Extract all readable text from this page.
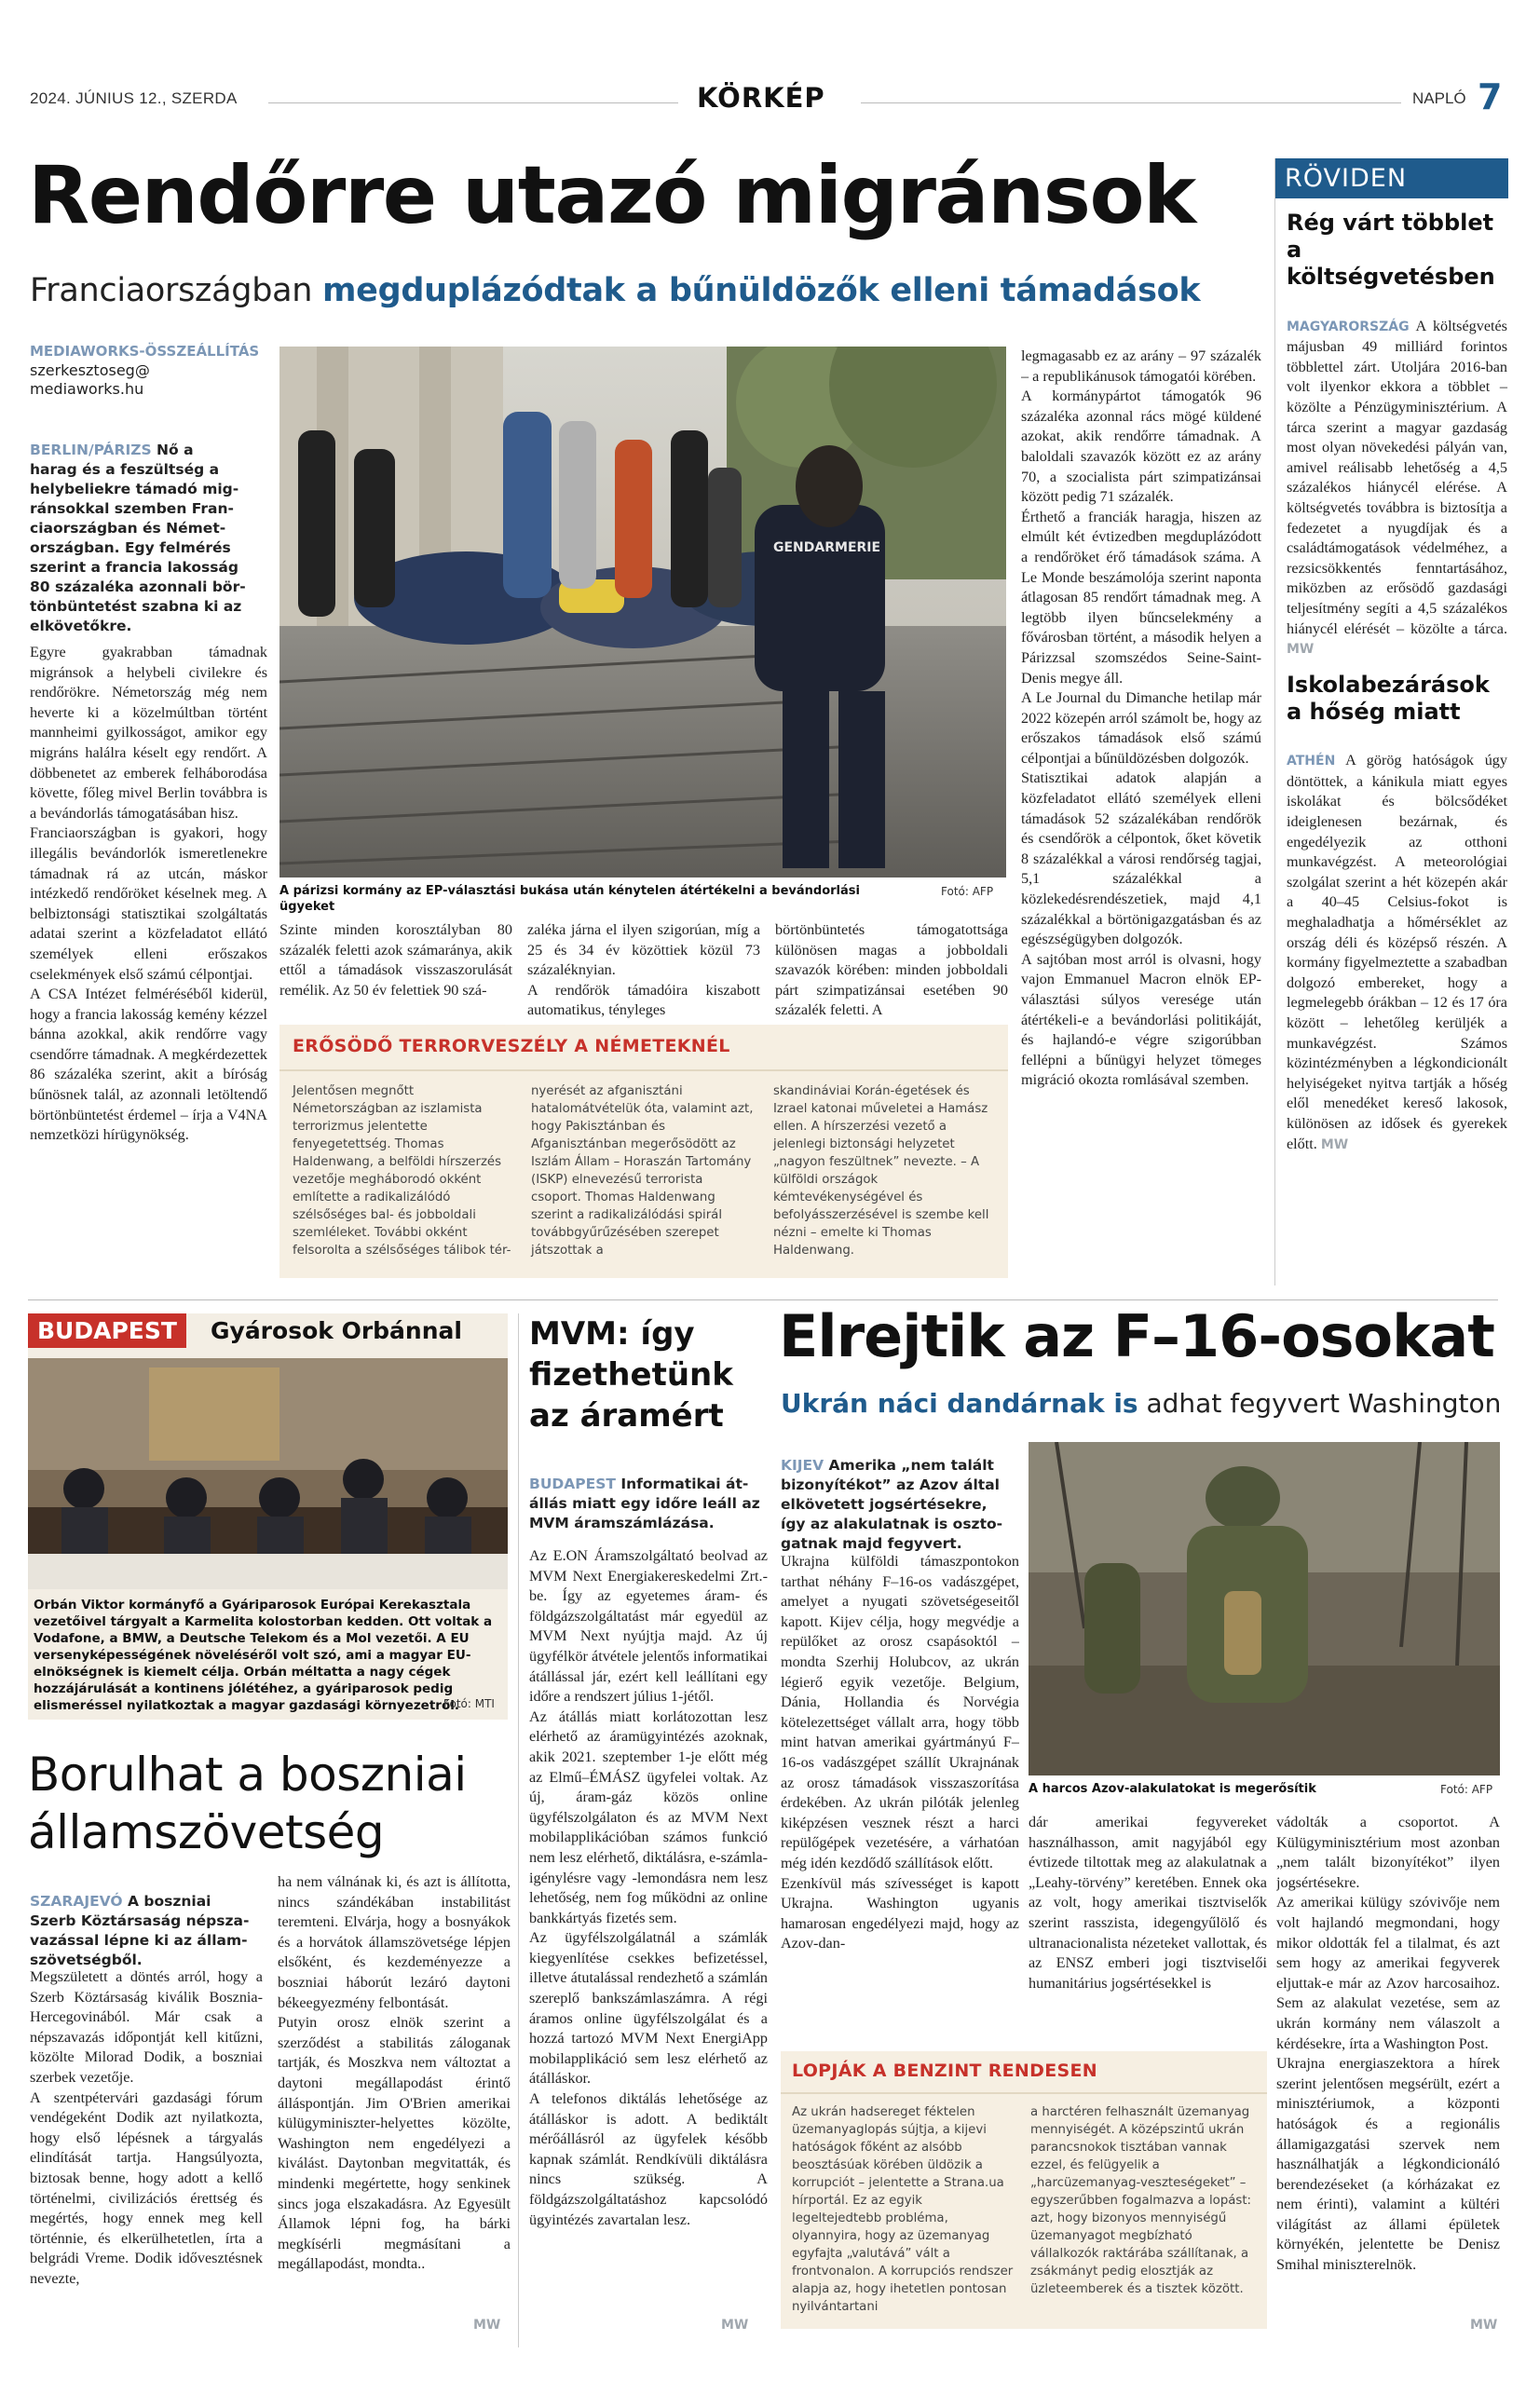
2024. JÚNIUS 12., SZERDA	KÖRKÉP	NAPLÓ 7
Rendőrre utazó migránsok
Franciaországban megduplázódtak a bűnüldözők elleni támadások
MEDIAWORKS-ÖSSZEÁLLÍTÁS
szerkesztoseg@
mediaworks.hu

BERLIN/PÁRIZS Nő a
harag és a feszültség a
helybeliekre támadó mig-
ránsokkal szemben Fran-
ciaországban és Német-
országban. Egy felmérés
szerint a francia lakosság
80 százaléka azonnali bör-
tönbüntetést szabna ki az
elkövetőkre.

GENDARMERIE
A párizsi kormány az EP-választási bukása után kénytelen átértékelni a bevándorlási ügyeket
Fotó: AFP
Egyre gyakrabban támadnak migránsok a helybeli civilekre és rendőrökre. Németország még nem heverte ki a közelmúltban történt mannheimi gyilkosságot, amikor egy migráns halálra késelt egy rendőrt. A döbbenetet az emberek felháborodása követte, főleg mivel Berlin továbbra is a bevándorlás támogatásában hisz.
Franciaországban is gyakori, hogy illegális bevándorlók ismeretlenekre támadnak rá az utcán, máskor intézkedő rendőröket késelnek meg. A belbiztonsági statisztikai szolgáltatás adatai szerint a közfeladatot ellátó személyek elleni erőszakos cselekmények első számú célpontjai.
A CSA Intézet felméréséből kiderül, hogy a francia lakosság kemény kézzel bánna azokkal, akik rendőrre vagy csendőrre támadnak. A megkérdezettek 86 százaléka szerint, akit a bíróság bűnösnek talál, az azonnali letöltendő börtönbüntetést érdemel – írja a V4NA nemzetközi hírügynökség.
Szinte minden korosztályban 80 százalék feletti azok számaránya, akik ettől a támadások visszaszorulását remélik. Az 50 év felettiek 90 szá-
zaléka járna el ilyen szigorúan, míg a 25 és 34 év közöttiek közül 73 százaléknyian.
A rendőrök támadóira kiszabott automatikus, tényleges
börtönbüntetés támogatottsága különösen magas a jobboldali szavazók körében: minden jobboldali párt szimpatizánsai esetében 90 százalék feletti. A
legmagasabb ez az arány – 97 százalék – a republikánusok támogatói körében.
A kormánypártot támogatók 96 százaléka azonnal rács mögé küldené azokat, akik rendőrre támadnak. A baloldali szavazók között ez az arány 70, a szocialista párt szimpatizánsai között pedig 71 százalék.
Érthető a franciák haragja, hiszen az elmúlt két évtizedben megduplázódott a rendőröket érő támadások száma. A Le Monde beszámolója szerint naponta átlagosan 85 rendőrt támadnak meg. A legtöbb ilyen bűncselekmény a fővárosban történt, a második helyen a Párizzsal szomszédos Seine-Saint-Denis megye áll.
A Le Journal du Dimanche hetilap már 2022 közepén arról számolt be, hogy az erőszakos támadások első számú célpontjai a bűnüldözésben dolgozók.
Statisztikai adatok alapján a közfeladatot ellátó személyek elleni támadások 52 százalékában rendőrök és csendőrök a célpontok, őket követik 8 százalékkal a városi rendőrség tagjai, 5,1 százalékkal a közlekedésrendészetiek, majd 4,1 százalékkal a börtönigazgatásban és az egészségügyben dolgozók.
A sajtóban most arról is olvasni, hogy vajon Emmanuel Macron elnök EP-választási súlyos veresége után átértékeli-e a bevándorlási politikáját, és hajlandó-e végre szigorúbban fellépni a bűnügyi helyzet tömeges migráció okozta romlásával szemben.
ERŐSÖDŐ TERRORVESZÉLY A NÉMETEKNÉL
Jelentősen megnőtt Németországban az iszlamista terrorizmus jelentette fenyegetettség. Thomas Haldenwang, a belföldi hírszerzés vezetője megháborodó okként említette a radikalizálódó szélsőséges bal- és jobboldali szemléleket. További okként felsorolta a szélsőséges tálibok tér-
nyerését az afganisztáni hatalomátvételük óta, valamint azt, hogy Pakisztánban és Afganisztánban megerősödött az Iszlám Állam – Horaszán Tartomány (ISKP) elnevezésű terrorista csoport. Thomas Haldenwang szerint a radikalizálódási spirál továbbgyűrűzésében szerepet játszottak a
skandináviai Korán-égetések és Izrael katonai műveletei a Hamász ellen. A hírszerzési vezető a jelenlegi biztonsági helyzetet „nagyon feszültnek” nevezte. – A külföldi országok kémtevékenységével és befolyásszerzésével is szembe kell nézni – emelte ki Thomas Haldenwang.
RÖVIDEN
Rég várt többlet
a költségvetésben

MAGYARORSZÁG A költségvetés májusban 49 milliárd forintos többlettel zárt. Utoljára 2016-ban volt ilyenkor ekkora a többlet – közölte a Pénzügyminisztérium. A tárca szerint a magyar gazdaság most olyan növekedési pályán van, amivel reálisabb lehetőség a 4,5 százalékos hiánycél elérése. A költségvetés továbbra is biztosítja a fedezetet a nyugdíjak és a családtámogatások védelméhez, a rezsicsökkentés fenntartásához, miközben az erősödő gazdasági teljesítmény segíti a 4,5 százalékos hiánycél elérését – közölte a tárca. MW

Iskolabezárások
a hőség miatt

ATHÉN A görög hatóságok úgy döntöttek, a kánikula miatt egyes iskolákat és bölcsődéket ideiglenesen bezárnak, és engedélyezik az otthoni munkavégzést. A meteorológiai szolgálat szerint a hét közepén akár a 40–45 Celsius-fokot is meghaladhatja a hőmérséklet az ország déli és középső részén. A kormány figyelmeztette a szabadban dolgozó embereket, hogy a legmelegebb órákban – 12 és 17 óra között – lehetőleg kerüljék a munkavégzést. Számos közintézményben a légkondicionált helyiségeket nyitva tartják a hőség elől menedéket kereső lakosok, különösen az idősek és gyerekek előtt. MW

BUDAPEST	Gyárosok Orbánnal
Orbán Viktor kormányfő a Gyáriparosok Európai Kerekasztala vezetőivel tárgyalt a Karmelita kolostorban kedden. Ott voltak a Vodafone, a BMW, a Deutsche Telekom és a Mol vezetői. A EU versenyképességének növeléséről volt szó, ami a magyar EU-elnökségnek is kiemelt célja. Orbán méltatta a nagy cégek hozzájárulását a kontinens jólétéhez, a gyáriparosok pedig elismeréssel nyilatkoztak a magyar gazdasági környezetről.
Fotó: MTI
Borulhat a boszniai
államszövetség

SZARAJEVÓ A boszniai
Szerb Köztársaság népsza-
vazással lépne ki az állam-
szövetségből.

Megszületett a döntés arról, hogy a Szerb Köztársaság kiválik Bosznia-Hercegovinából. Már csak a népszavazás időpontját kell kitűzni, közölte Milorad Dodik, a boszniai szerbek vezetője.
A szentpétervári gazdasági fórum vendégeként Dodik azt nyilatkozta, hogy első lépésnek a tárgyalás elindítását tartja. Hangsúlyozta, biztosak benne, hogy adott a kellő történelmi, civilizációs érettség és megértés, hogy ennek meg kell történnie, és elkerülhetetlen, írta a belgrádi Vreme. Dodik idővesztésnek nevezte,
ha nem válnának ki, és azt is állította, nincs szándékában instabilitást teremteni. Elvárja, hogy a bosnyákok és a horvátok államszövetsége lépjen elsőként, és kezdeményezze a boszniai háborút lezáró daytoni békeegyezmény felbontását.
Putyin orosz elnök szerint a szerződést a stabilitás záloganak tartják, és Moszkva nem változtat a daytoni megállapodást érintő álláspontján. Jim O'Brien amerikai külügyminiszter-helyettes közölte, Washington nem engedélyezi a kiválást. Daytonban megvitatták, és mindenki megértette, hogy senkinek sincs joga elszakadásra. Az Egyesült Államok lépni fog, ha bárki megkísérli megmásítani a megállapodást, mondta..
MW
MVM: így
fizethetünk
az áramért

BUDAPEST Informatikai át-
állás miatt egy időre leáll az
MVM áramszámlázása.

Az E.ON Áramszolgáltató beolvad az MVM Next Energiakereskedelmi Zrt.-be. Így az egyetemes áram- és földgázszolgáltatást már egyedül az MVM Next nyújtja majd. Az új ügyfélkör átvétele jelentős informatikai átállással jár, ezért kell leállítani egy időre a rendszert július 1-jétől.
Az átállás miatt korlátozottan lesz elérhető az áramügyintézés azoknak, akik 2021. szeptember 1-je előtt még az Elmű–ÉMÁSZ ügyfelei voltak. Az új, áram-gáz közös online ügyfélszolgálaton és az MVM Next mobilapplikációban számos funkció nem lesz elérhető, diktálásra, e-számla-igénylésre vagy -lemondásra nem lesz lehetőség, nem fog működni az online bankkártyás fizetés sem.
Az ügyfélszolgálatnál a számlák kiegyenlítése csekkes befizetéssel, illetve átutalással rendezhető a számlán szereplő bankszámlaszámra. A régi áramos online ügyfélszolgálat és a hozzá tartozó MVM Next EnergiApp mobilapplikáció sem lesz elérhető az átálláskor.
A telefonos diktálás lehetősége az átálláskor is adott. A bediktált mérőállásról az ügyfelek később kapnak számlát. Rendkívüli diktálásra nincs szükség. A földgázszolgáltatáshoz kapcsolódó ügyintézés zavartalan lesz.
MW
Elrejtik az F–16-osokat
Ukrán náci dandárnak is adhat fegyvert Washington

KIJEV Amerika „nem talált
bizonyítékot” az Azov által
elkövetett jogsértésekre,
így az alakulatnak is oszto-
gatnak majd fegyvert.

Ukrajna külföldi támaszpontokon tarthat néhány F–16-os vadászgépet, amelyet a nyugati szövetségeseitől kapott. Kijev célja, hogy megvédje a repülőket az orosz csapásoktól – mondta Szerhij Holubcov, az ukrán légierő egyik vezetője. Belgium, Dánia, Hollandia és Norvégia kötelezettséget vállalt arra, hogy több mint hatvan amerikai gyártmányú F–16-os vadászgépet szállít Ukrajnának az orosz támadások visszaszorítása érdekében. Az ukrán pilóták jelenleg kiképzésen vesznek részt a harci repülőgépek vezetésére, a várhatóan még idén kezdődő szállítások előtt.
Ezenkívül más szívességet is kapott Ukrajna. Washington ugyanis hamarosan engedélyezi majd, hogy az Azov-dan-
A harcos Azov-alakulatokat is megerősítik	Fotó: AFP
dár amerikai fegyvereket használhasson, amit nagyjából egy évtizede tiltottak meg az alakulatnak a „Leahy-törvény” keretében. Ennek oka az volt, hogy amerikai tisztviselők szerint rasszista, idegengyűlölő és ultranacionalista nézeteket vallottak, és az ENSZ emberi jogi tisztviselői humanitárius jogsértésekkel is
vádolták a csoportot. A Külügyminisztérium most azonban „nem talált bizonyítékot” ilyen jogsértésekre.
Az amerikai külügy szóvivője nem volt hajlandó megmondani, hogy mikor oldották fel a tilalmat, és azt sem hogy az amerikai fegyverek eljuttak-e már az Azov harcosaihoz. Sem az alakulat vezetése, sem az ukrán kormány nem válaszolt a kérdésekre, írta a Washington Post.
Ukrajna energiaszektora a hírek szerint jelentősen megsérült, ezért a minisztériumok, a központi hatóságok és a regionális államigazgatási szervek nem használhatják a légkondicionáló berendezéseket (a kórházakat ez nem érinti), valamint a kültéri világítást az állami épületek környékén, jelentette be Denisz Smihal miniszterelnök.
MW
LOPJÁK A BENZINT RENDESEN
Az ukrán hadsereget féktelen üzemanyaglopás sújtja, a kijevi hatóságok főként az alsóbb beosztásúak körében üldözik a korrupciót – jelentette a Strana.ua hírportál. Ez az egyik legeltejedtebb probléma, olyannyira, hogy az üzemanyag egyfajta „valutává” vált a frontvonalon. A korrupciós rendszer alapja az, hogy ihetetlen pontosan nyilvántartani
a harctéren felhasznált üzemanyag mennyiségét. A középszintű ukrán parancsnokok tisztában vannak ezzel, és felügyelik a „harcüzemanyag-veszteségeket” – egyszerűbben fogalmazva a lopást: azt, hogy bizonyos mennyiségű üzemanyagot megbízható vállalkozók raktárába szállítanak, a zsákmányt pedig elosztják az üzleteemberek és a tisztek között.
